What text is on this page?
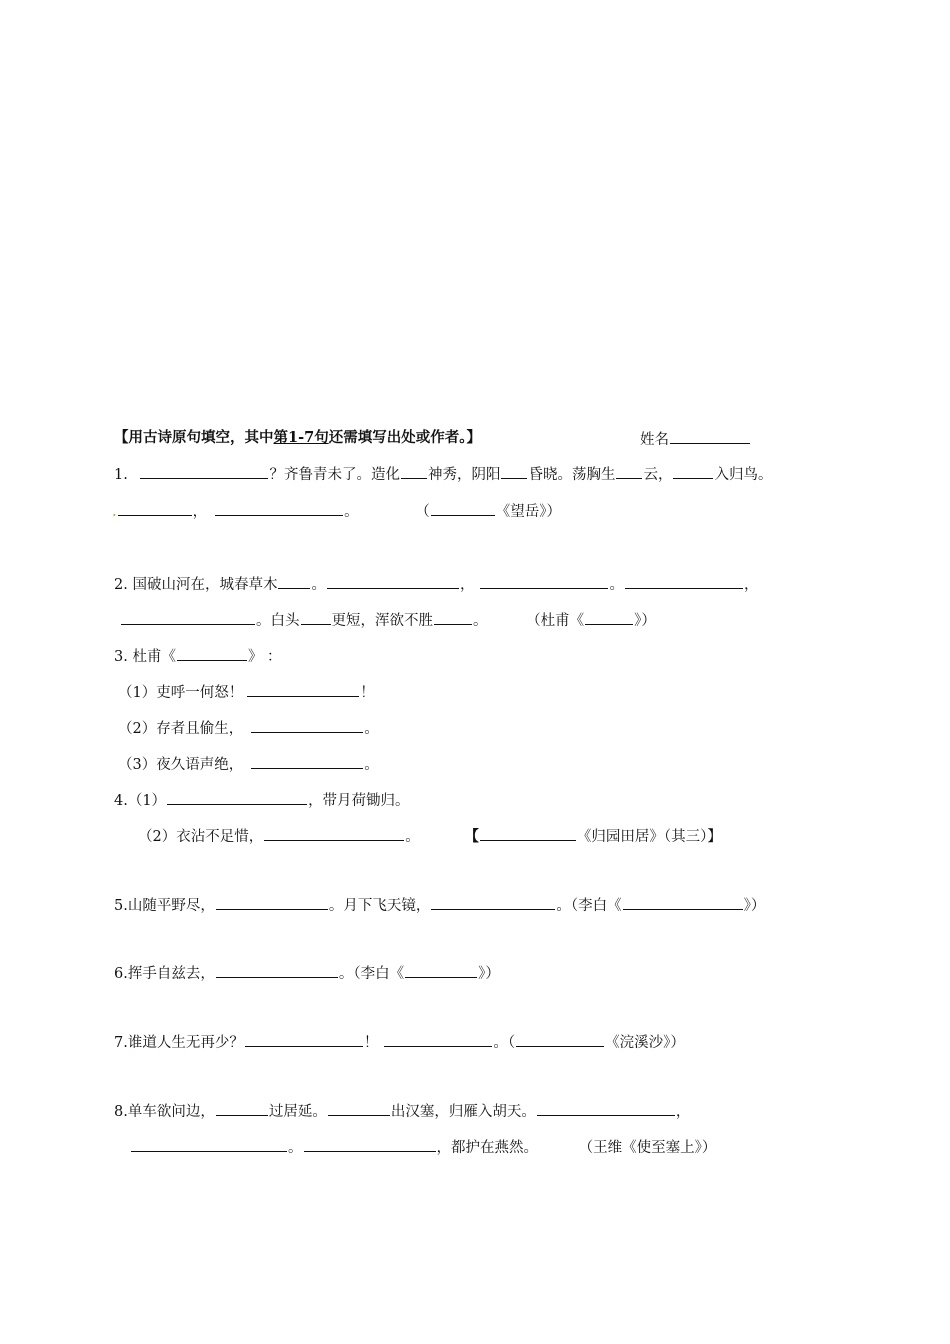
【用古诗原句填空，其中第1-7句还需填写出处或作者。】	姓名
1.	？齐鲁青未了。造化 神秀，阴阳 昏晓。荡胸生 云，	入归鸟。
.	，	。	（	《望岳》）
2. 国破山河在，城春草木 。	，	。	，
。白头 更短，浑欲不胜	。	（杜甫《	》）
3. 杜甫《	》 ：
（1）吏呼一何怒！	！
（2）存者且偷生，	。
（3）夜久语声绝，	。
4.（1）	，带月荷锄归。
（2）衣沾不足惜，	。	【	《归园田居》（其三）】
5.山随平野尽，	。月下飞天镜，	。（李白《	》）
6.挥手自兹去，	。（李白《	》）
7.谁道人生无再少？	！	。（	《浣溪沙》）
8.单车欲问边，	过居延。	出汉塞，归雁入胡天。	，
。	，都护在燕然。	（王维《使至塞上》）
